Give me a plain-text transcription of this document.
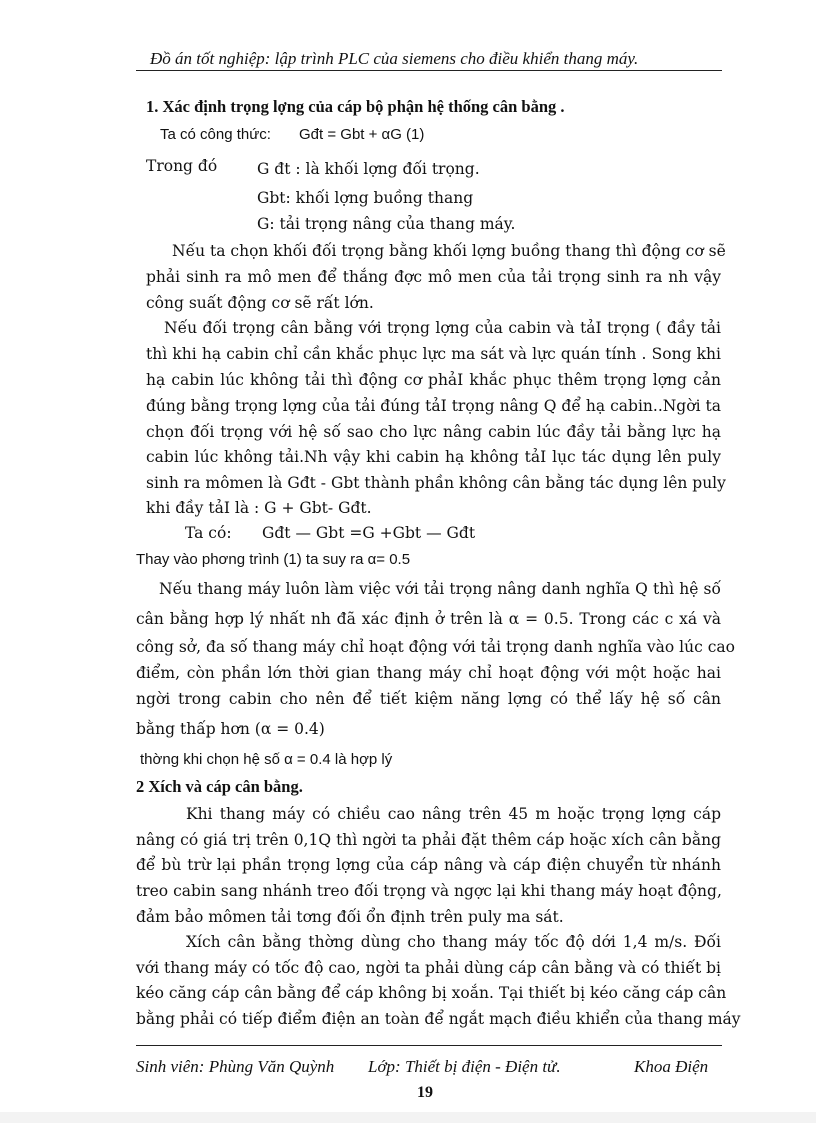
Đồ án tốt nghiệp: lập trình PLC của siemens cho điều khiển thang máy.
1. Xác định trọng lợng của cáp bộ phận hệ thống cân bằng .
Ta có công thức: Gđt = Gbt + αG (1)
Trong đó	G đt : là khối lợng đối trọng.
Gbt: khối lợng buồng thang
G: tải trọng nâng của thang máy.
Nếu ta chọn khối đối trọng bằng khối lợng buồng thang thì động cơ sẽ
phải sinh ra mô men để thắng đợc mô men của tải trọng sinh ra nh vậy
công suất động cơ sẽ rất lớn.
Nếu đối trọng cân bằng với trọng lợng của cabin và tảI trọng ( đầy tải
thì khi hạ cabin chỉ cần khắc phục lực ma sát và lực quán tính . Song khi
hạ cabin lúc không tải thì động cơ phảI khắc phục thêm trọng lợng cản
đúng bằng trọng lợng của tải đúng tảI trọng nâng Q để hạ cabin..Ngời ta
chọn đối trọng với hệ số sao cho lực nâng cabin lúc đầy tải bằng lực hạ
cabin lúc không tải.Nh vậy khi cabin hạ không tảI lục tác dụng lên puly
sinh ra mômen là Gđt - Gbt thành phần không cân bằng tác dụng lên puly
khi đầy tảI là : G + Gbt- Gđt.
Ta có: Gđt — Gbt =G +Gbt — Gđt
Thay vào phơng trình (1) ta suy ra α= 0.5
Nếu thang máy luôn làm việc với tải trọng nâng danh nghĩa Q thì hệ số
cân bằng hợp lý nhất nh đã xác định ở trên là α = 0.5. Trong các c xá và
công sở, đa số thang máy chỉ hoạt động với tải trọng danh nghĩa vào lúc cao
điểm, còn phần lớn thời gian thang máy chỉ hoạt động với một hoặc hai
ngời trong cabin cho nên để tiết kiệm năng lợng có thể lấy hệ số cân
bằng thấp hơn (α = 0.4)
thờng khi chọn hệ số α = 0.4 là hợp lý
2 Xích và cáp cân bằng.
Khi thang máy có chiều cao nâng trên 45 m hoặc trọng lợng cáp
nâng có giá trị trên 0,1Q thì ngời ta phải đặt thêm cáp hoặc xích cân bằng
để bù trừ lại phần trọng lợng của cáp nâng và cáp điện chuyển từ nhánh
treo cabin sang nhánh treo đối trọng và ngợc lại khi thang máy hoạt động,
đảm bảo mômen tải tơng đối ổn định trên puly ma sát.
Xích cân bằng thờng dùng cho thang máy tốc độ dới 1,4 m/s. Đối
với thang máy có tốc độ cao, ngời ta phải dùng cáp cân bằng và có thiết bị
kéo căng cáp cân bằng để cáp không bị xoắn. Tại thiết bị kéo căng cáp cân
bằng phải có tiếp điểm điện an toàn để ngắt mạch điều khiển của thang máy
Sinh viên: Phùng Văn Quỳnh Lớp: Thiết bị điện - Điện tử.	Khoa Điện
19
